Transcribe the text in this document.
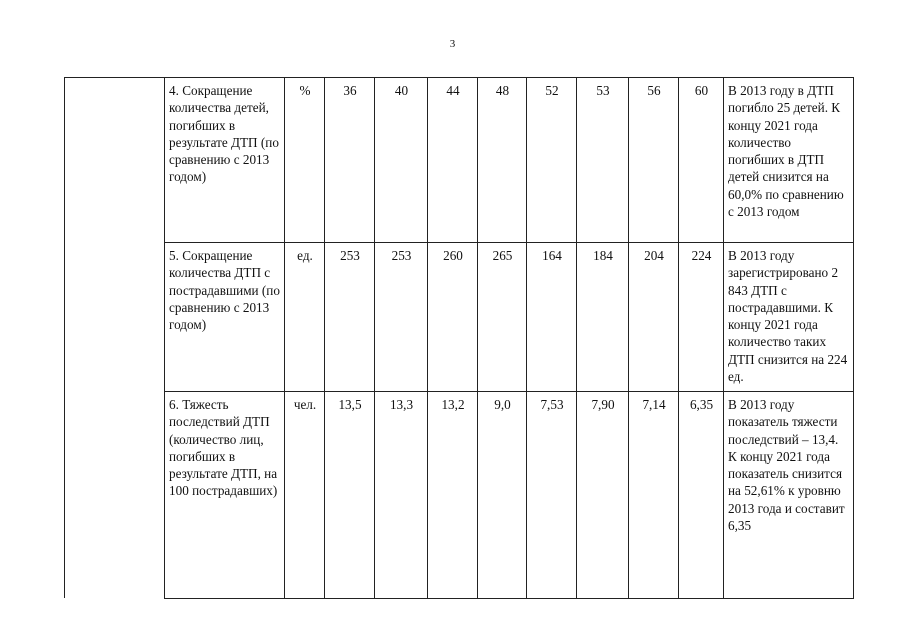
3
4. Сокращение количества детей, погибших в результате ДТП (по сравнению с 2013 годом)	%	36	40	44	48	52	53	56	60	В 2013 году в ДТП погибло 25 детей. К концу 2021 года количество погибших в ДТП детей снизится на 60,0% по сравнению с 2013 годом
5. Сокращение количества ДТП с пострадавшими (по сравнению с 2013 годом)	ед.	253	253	260	265	164	184	204	224	В 2013 году зарегистрировано 2 843 ДТП с пострадавшими. К концу 2021 года количество таких ДТП снизится на 224 ед.
6. Тяжесть последствий ДТП (количество лиц, погибших в результате ДТП, на 100 пострадавших)	чел.	13,5	13,3	13,2	9,0	7,53	7,90	7,14	6,35	В 2013 году показатель тяжести последствий – 13,4. К концу 2021 года показатель снизится на 52,61% к уровню 2013 года и составит 6,35
